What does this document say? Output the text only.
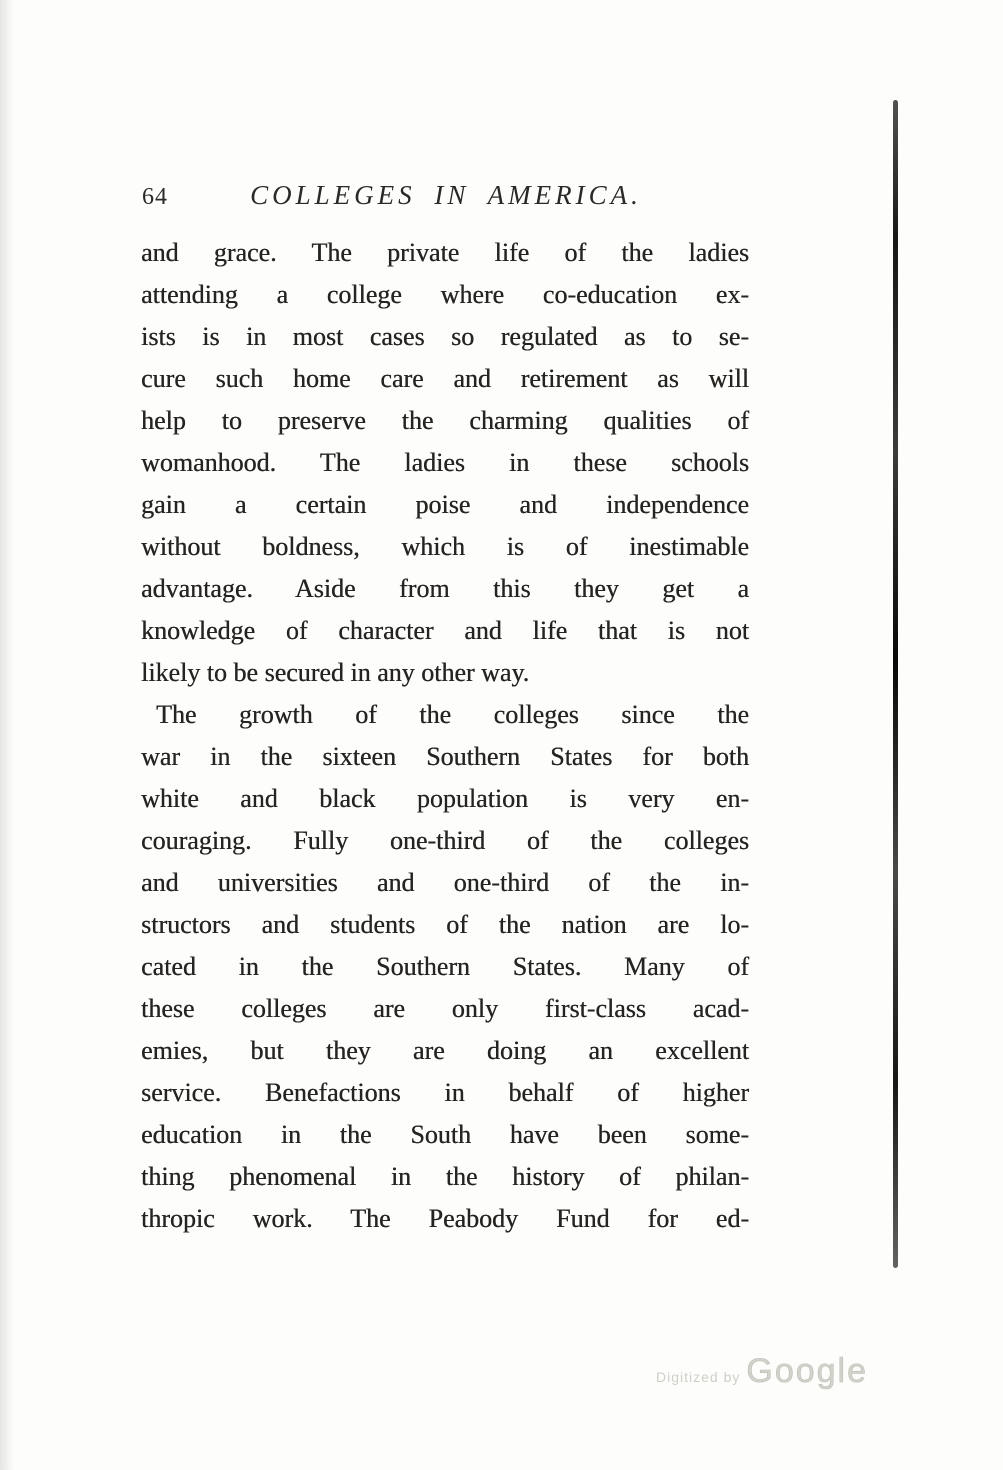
64	COLLEGES IN AMERICA.
and grace. The private life of the ladies
attending a college where co-education ex-
ists is in most cases so regulated as to se-
cure such home care and retirement as will
help to preserve the charming qualities of
womanhood. The ladies in these schools
gain a certain poise and independence
without boldness, which is of inestimable
advantage. Aside from this they get a
knowledge of character and life that is not
likely to be secured in any other way.
The growth of the colleges since the
war in the sixteen Southern States for both
white and black population is very en-
couraging. Fully one-third of the colleges
and universities and one-third of the in-
structors and students of the nation are lo-
cated in the Southern States. Many of
these colleges are only first-class acad-
emies, but they are doing an excellent
service. Benefactions in behalf of higher
education in the South have been some-
thing phenomenal in the history of philan-
thropic work. The Peabody Fund for ed-
Digitized by Google
